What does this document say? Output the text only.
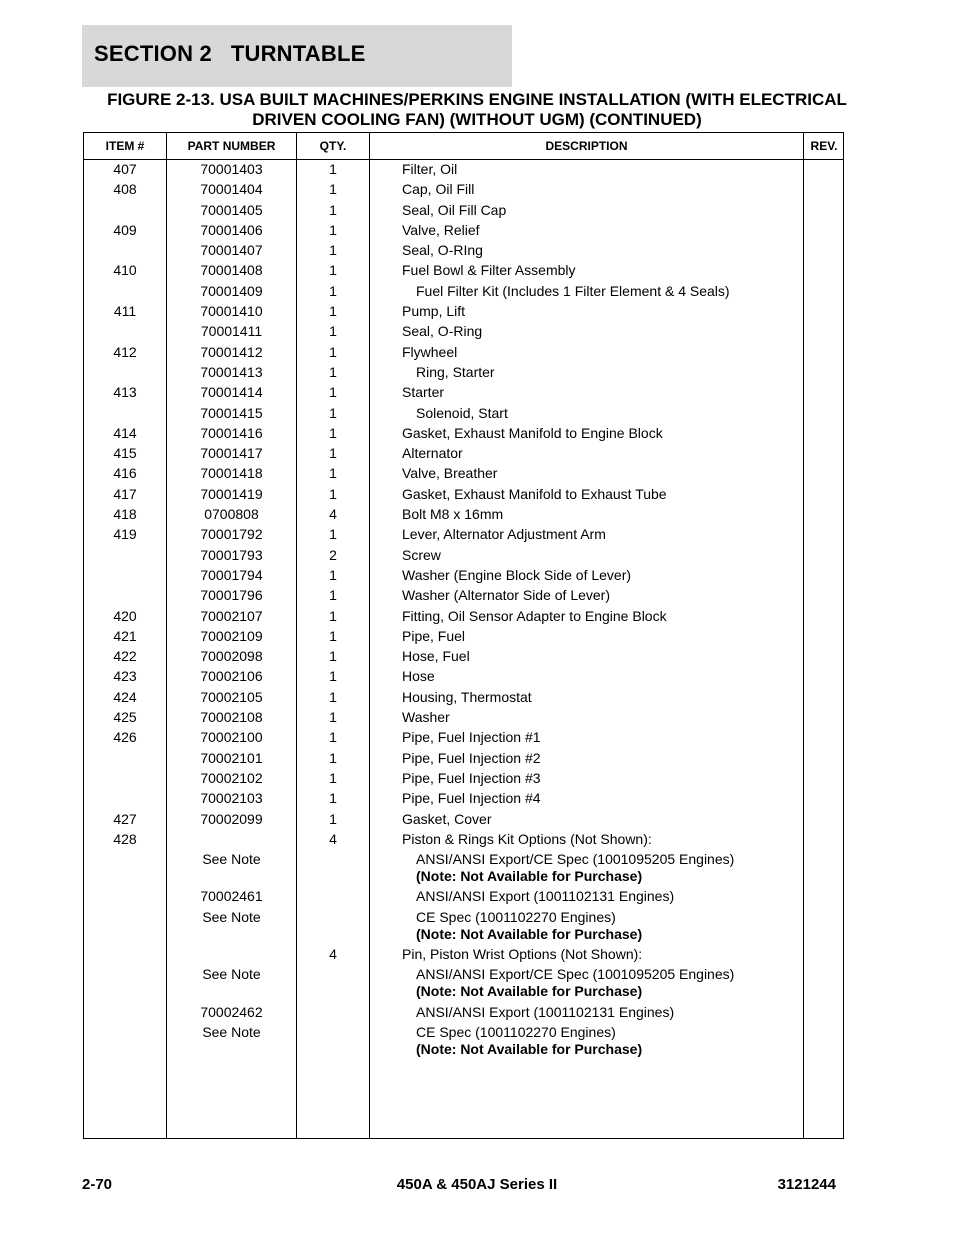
SECTION 2   TURNTABLE
FIGURE 2-13. USA BUILT MACHINES/PERKINS ENGINE INSTALLATION (WITH ELECTRICAL
DRIVEN COOLING FAN) (WITHOUT UGM) (CONTINUED)
ITEM #	PART NUMBER	QTY.	DESCRIPTION	REV.
407	70001403	1	Filter, Oil
408	70001404	1	Cap, Oil Fill
70001405	1	Seal, Oil Fill Cap
409	70001406	1	Valve, Relief
70001407	1	Seal, O-RIng
410	70001408	1	Fuel Bowl & Filter Assembly
70001409	1	Fuel Filter Kit (Includes 1 Filter Element & 4 Seals)
411	70001410	1	Pump, Lift
70001411	1	Seal, O-Ring
412	70001412	1	Flywheel
70001413	1	Ring, Starter
413	70001414	1	Starter
70001415	1	Solenoid, Start
414	70001416	1	Gasket, Exhaust Manifold to Engine Block
415	70001417	1	Alternator
416	70001418	1	Valve, Breather
417	70001419	1	Gasket, Exhaust Manifold to Exhaust Tube
418	0700808	4	Bolt M8 x 16mm
419	70001792	1	Lever, Alternator Adjustment Arm
70001793	2	Screw
70001794	1	Washer (Engine Block Side of Lever)
70001796	1	Washer (Alternator Side of Lever)
420	70002107	1	Fitting, Oil Sensor Adapter to Engine Block
421	70002109	1	Pipe, Fuel
422	70002098	1	Hose, Fuel
423	70002106	1	Hose
424	70002105	1	Housing, Thermostat
425	70002108	1	Washer
426	70002100	1	Pipe, Fuel Injection #1
70002101	1	Pipe, Fuel Injection #2
70002102	1	Pipe, Fuel Injection #3
70002103	1	Pipe, Fuel Injection #4
427	70002099	1	Gasket, Cover
428	4	Piston & Rings Kit Options (Not Shown):
See Note	ANSI/ANSI Export/CE Spec (1001095205 Engines)
(Note: Not Available for Purchase)
70002461	ANSI/ANSI Export (1001102131 Engines)
See Note	CE Spec (1001102270 Engines)
(Note: Not Available for Purchase)
4	Pin, Piston Wrist Options (Not Shown):
See Note	ANSI/ANSI Export/CE Spec (1001095205 Engines)
(Note: Not Available for Purchase)
70002462	ANSI/ANSI Export (1001102131 Engines)
See Note	CE Spec (1001102270 Engines)
(Note: Not Available for Purchase)
2-70	450A & 450AJ Series II	3121244
